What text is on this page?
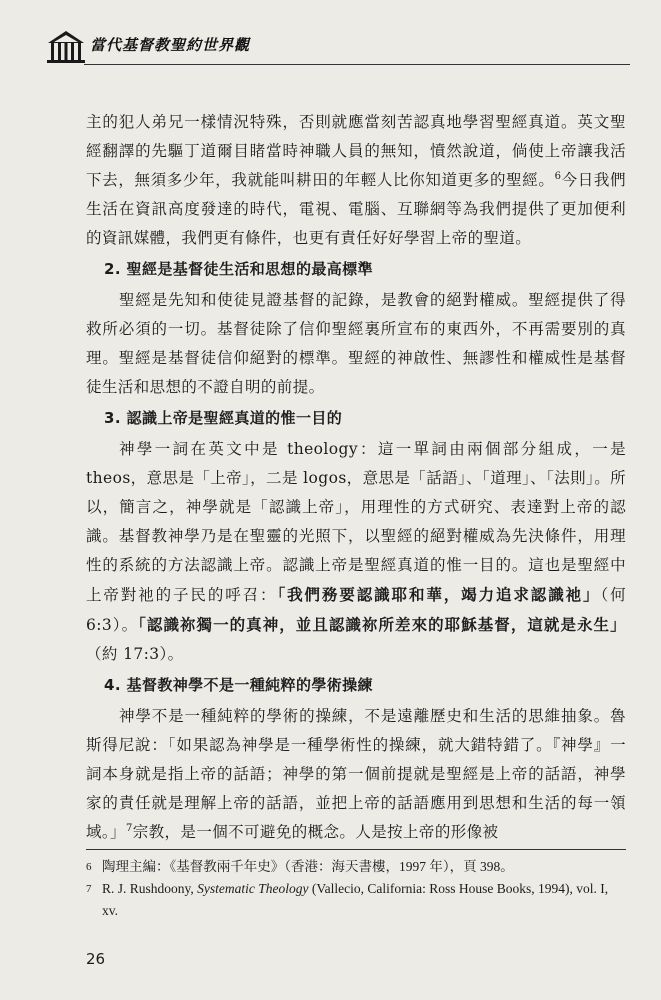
當代基督教聖約世界觀

主的犯人弟兄一樣情況特殊，否則就應當刻苦認真地學習聖經真道。英文聖經翻譯的先驅丁道爾目睹當時神職人員的無知，憤然說道，倘使上帝讓我活下去，無須多少年，我就能叫耕田的年輕人比你知道更多的聖經。$^6$今日我們生活在資訊高度發達的時代，電視、電腦、互聯網等為我們提供了更加便利的資訊媒體，我們更有條件，也更有責任好好學習上帝的聖道。

2. 聖經是基督徒生活和思想的最高標準

聖經是先知和使徒見證基督的記錄，是教會的絕對權威。聖經提供了得救所必須的一切。基督徒除了信仰聖經裏所宣布的東西外，不再需要別的真理。聖經是基督徒信仰絕對的標準。聖經的神啟性、無謬性和權威性是基督徒生活和思想的不證自明的前提。

3. 認識上帝是聖經真道的惟一目的

神學一詞在英文中是 theology：這一單詞由兩個部分組成，一是 theos，意思是「上帝」，二是 logos，意思是「話語」、「道理」、「法則」。所以，簡言之，神學就是「認識上帝」，用理性的方式研究、表達對上帝的認識。基督教神學乃是在聖靈的光照下，以聖經的絕對權威為先決條件，用理性的系統的方法認識上帝。認識上帝是聖經真道的惟一目的。這也是聖經中上帝對祂的子民的呼召：「我們務要認識耶和華，竭力追求認識祂」（何 6:3）。「認識祢獨一的真神，並且認識祢所差來的耶穌基督，這就是永生」（約 17:3）。

4. 基督教神學不是一種純粹的學術操練

神學不是一種純粹的學術的操練，不是遠離歷史和生活的思維抽象。魯斯得尼說：「如果認為神學是一種學術性的操練，就大錯特錯了。『神學』一詞本身就是指上帝的話語；神學的第一個前提就是聖經是上帝的話語，神學家的責任就是理解上帝的話語，並把上帝的話語應用到思想和生活的每一領域。」$^7$宗教，是一個不可避免的概念。人是按上帝的形像被

6 陶理主編：《基督教兩千年史》（香港：海天書樓，1997 年），頁 398。
7 R. J. Rushdoony, Systematic Theology (Vallecio, California: Ross House Books, 1994), vol. I, xv.
26
